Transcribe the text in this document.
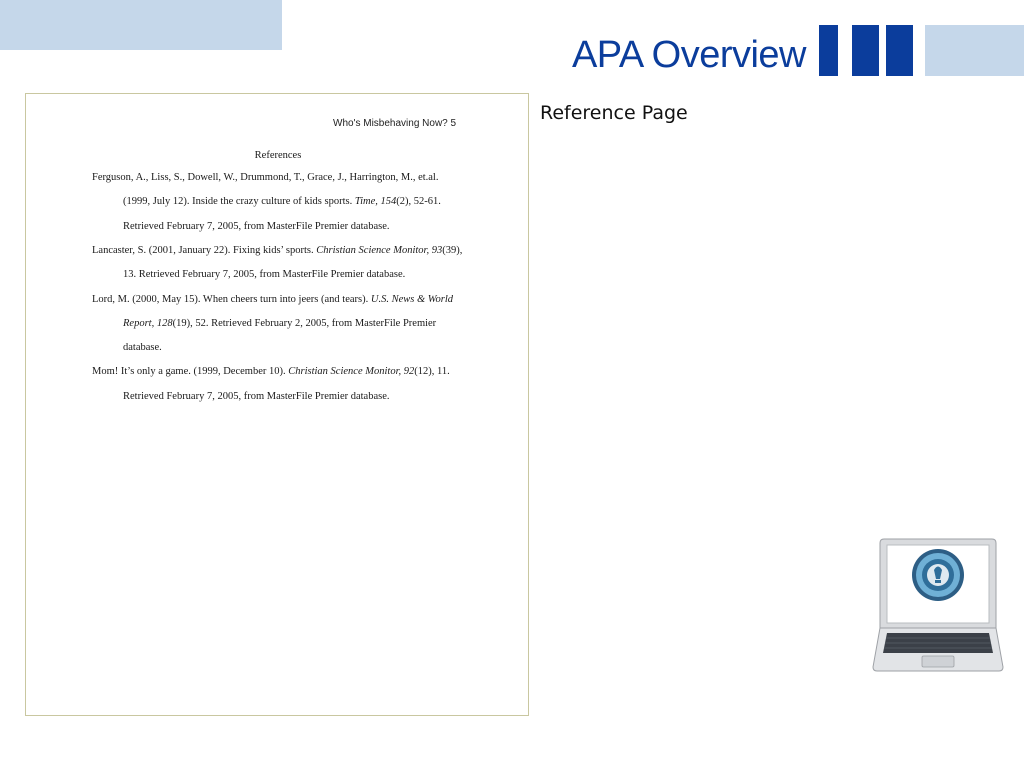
APA Overview
Who's Misbehaving Now? 5
References
Ferguson, A., Liss, S., Dowell, W., Drummond, T., Grace, J., Harrington, M., et.al.
(1999, July 12). Inside the crazy culture of kids sports. Time, 154(2), 52-61.
Retrieved February 7, 2005, from MasterFile Premier database.
Lancaster, S. (2001, January 22). Fixing kids’ sports. Christian Science Monitor, 93(39),
13. Retrieved February 7, 2005, from MasterFile Premier database.
Lord, M. (2000, May 15). When cheers turn into jeers (and tears). U.S. News & World
Report, 128(19), 52. Retrieved February 2, 2005, from MasterFile Premier
database.
Mom! It’s only a game. (1999, December 10). Christian Science Monitor, 92(12), 11.
Retrieved February 7, 2005, from MasterFile Premier database.
Reference Page
